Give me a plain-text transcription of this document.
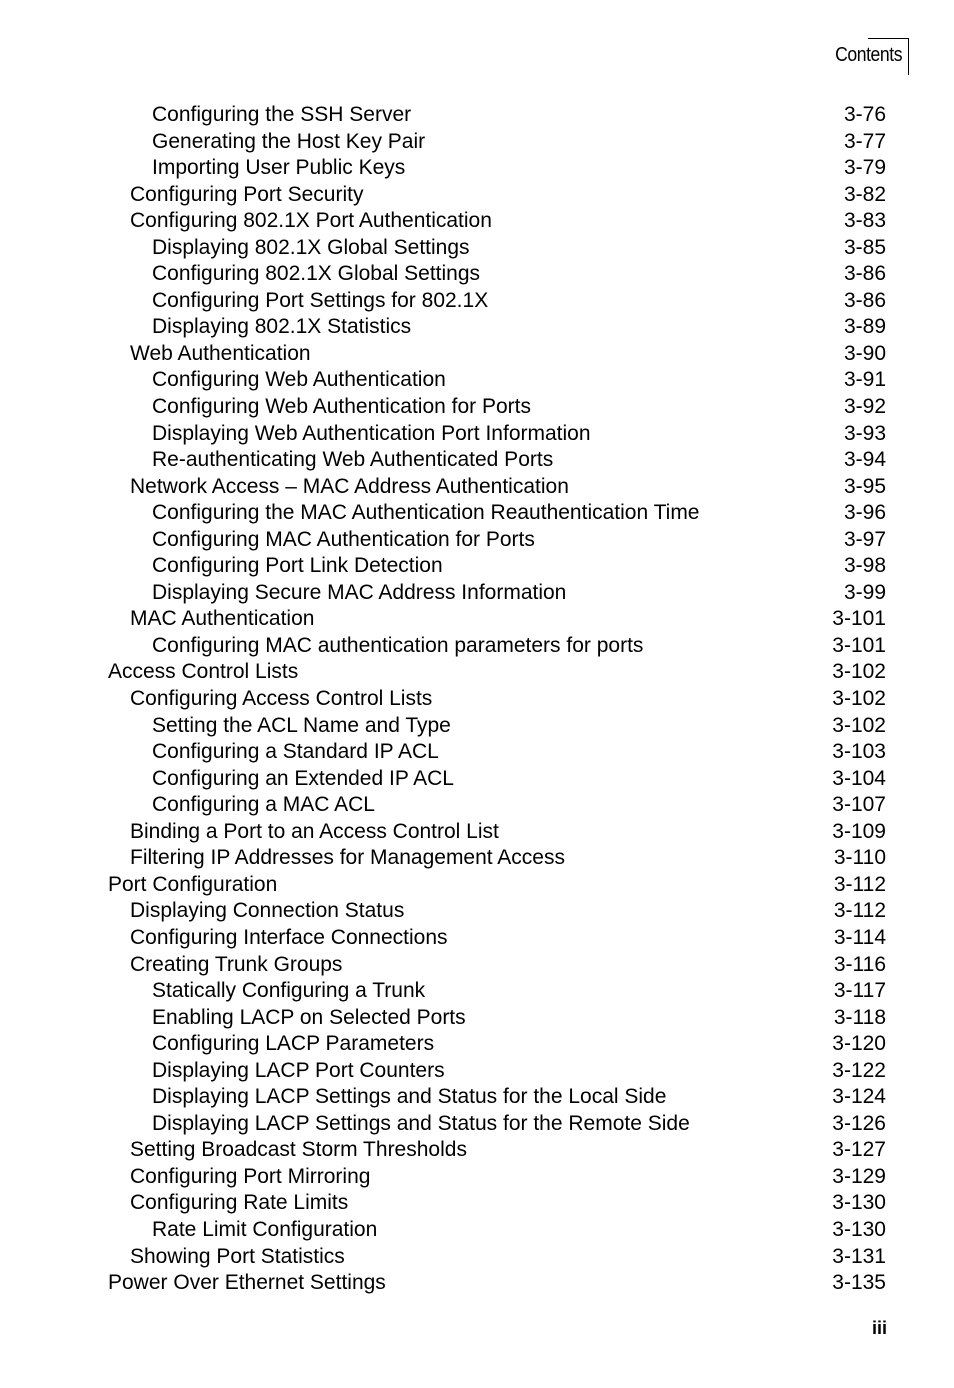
Contents
Configuring the SSH Server	3-76
Generating the Host Key Pair	3-77
Importing User Public Keys	3-79
Configuring Port Security	3-82
Configuring 802.1X Port Authentication	3-83
Displaying 802.1X Global Settings	3-85
Configuring 802.1X Global Settings	3-86
Configuring Port Settings for 802.1X	3-86
Displaying 802.1X Statistics	3-89
Web Authentication	3-90
Configuring Web Authentication	3-91
Configuring Web Authentication for Ports	3-92
Displaying Web Authentication Port Information	3-93
Re-authenticating Web Authenticated Ports	3-94
Network Access – MAC Address Authentication	3-95
Configuring the MAC Authentication Reauthentication Time	3-96
Configuring MAC Authentication for Ports	3-97
Configuring Port Link Detection	3-98
Displaying Secure MAC Address Information	3-99
MAC Authentication	3-101
Configuring MAC authentication parameters for ports	3-101
Access Control Lists	3-102
Configuring Access Control Lists	3-102
Setting the ACL Name and Type	3-102
Configuring a Standard IP ACL	3-103
Configuring an Extended IP ACL	3-104
Configuring a MAC ACL	3-107
Binding a Port to an Access Control List	3-109
Filtering IP Addresses for Management Access	3-110
Port Configuration	3-112
Displaying Connection Status	3-112
Configuring Interface Connections	3-114
Creating Trunk Groups	3-116
Statically Configuring a Trunk	3-117
Enabling LACP on Selected Ports	3-118
Configuring LACP Parameters	3-120
Displaying LACP Port Counters	3-122
Displaying LACP Settings and Status for the Local Side	3-124
Displaying LACP Settings and Status for the Remote Side	3-126
Setting Broadcast Storm Thresholds	3-127
Configuring Port Mirroring	3-129
Configuring Rate Limits	3-130
Rate Limit Configuration	3-130
Showing Port Statistics	3-131
Power Over Ethernet Settings	3-135
iii
